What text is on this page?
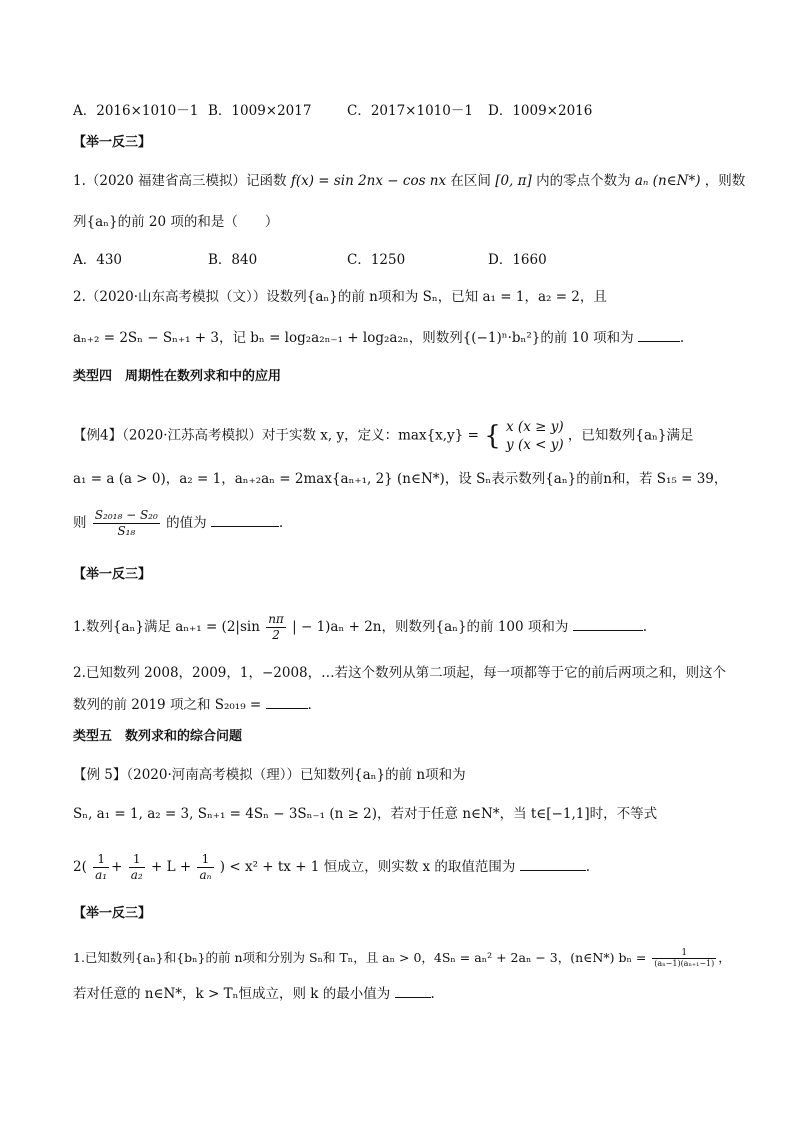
A．2016×1010－1 B．1009×2017	C．2017×1010－1 D．1009×2016
【举一反三】
1.（2020 福建省高三模拟）记函数 f(x) = sin 2nx − cos nx 在区间 [0, π] 内的零点个数为 aₙ (n∈N*) ，则数
列{aₙ}的前 20 项的和是（　　）
A．430	B．840	C．1250	D．1660
2.（2020·山东高考模拟（文））设数列{aₙ}的前 n项和为 Sₙ，已知 a₁ = 1，a₂ = 2，且
aₙ₊₂ = 2Sₙ − Sₙ₊₁ + 3，记 bₙ = log₂a₂ₙ₋₁ + log₂a₂ₙ，则数列{(−1)ⁿ·bₙ²}的前 10 项和为	.
类型四　周期性在数列求和中的应用
【例4】（2020·江苏高考模拟）对于实数 x, y，定义：max{x,y} = { x (x ≥ y)
y (x < y)
，已知数列{aₙ}满足
a₁ = a (a > 0)，a₂ = 1，aₙ₊₂aₙ = 2max{aₙ₊₁, 2} (n∈N*)，设 Sₙ表示数列{aₙ}的前n和，若 S₁₅ = 39，
则 $\frac{\text{S₂₀₁₈ − S₂₀}}{\text{S₁₈}}$ 的值为	.
【举一反三】
1.数列{aₙ}满足 $a_{n+1} = (2|\sin \frac{n\pi}{2}$ | − 1)aₙ + 2n，则数列{aₙ}的前 100 项和为	.
2.已知数列 2008，2009，1，−2008，…若这个数列从第二项起，每一项都等于它的前后两项之和，则这个
数列的前 2019 项之和 S₂₀₁₉ =	.
类型五　数列求和的综合问题
【例 5】（2020·河南高考模拟（理））已知数列{aₙ}的前 n项和为
Sₙ, a₁ = 1, a₂ = 3, Sₙ₊₁ = 4Sₙ − 3Sₙ₋₁ (n ≥ 2)，若对于任意 n∈N*，当 t∈[−1,1]时，不等式
$2( \frac{1}{\text{a₁}} + \frac{1}{\text{a₂}} + L + \frac{1}{\text{aₙ}}$ ) < x² + tx + 1 恒成立，则实数 x 的取值范围为	.
【举一反三】
1.已知数列{aₙ}和{bₙ}的前 n项和分别为 Sₙ和 Tₙ，且 aₙ > 0，4Sₙ = aₙ² + 2aₙ − 3，(n∈N*) $b_n = \frac{1}{\text{(aₙ−1)(aₙ₊₁−1)}}$ ，
若对任意的 n∈N*，k > Tₙ恒成立，则 k 的最小值为	.
